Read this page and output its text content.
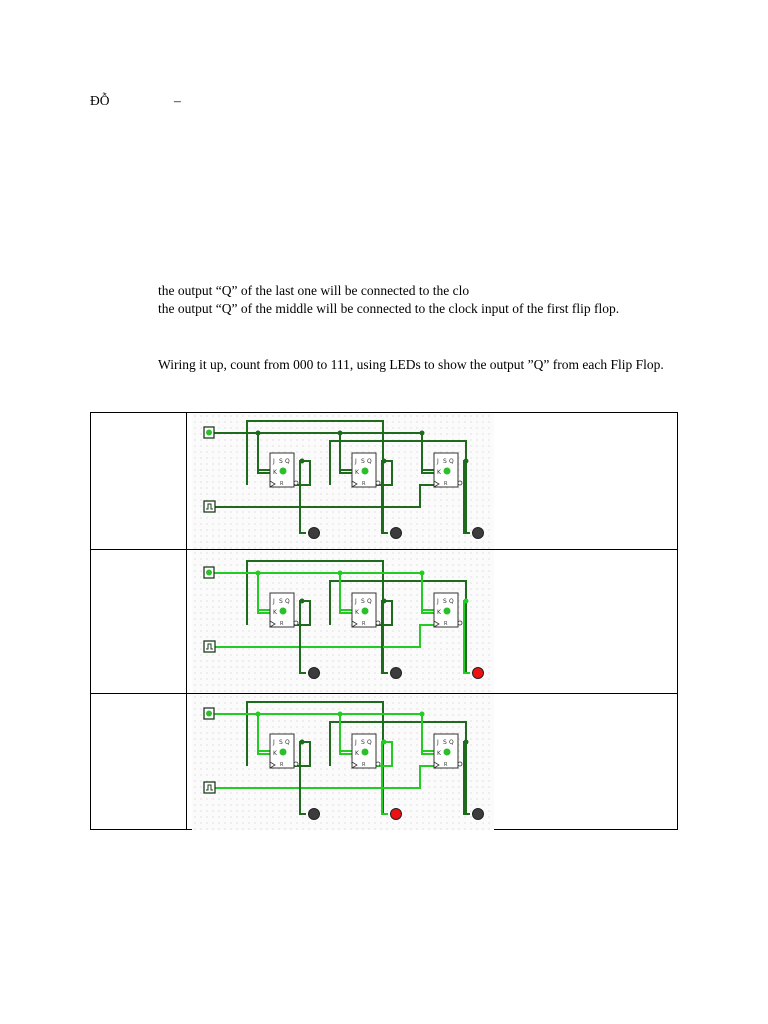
ĐỖ	–
the output “Q” of the last one will be connected to the clo
the output “Q” of the middle will be connected to the clock input of the first flip flop.
Wiring it up, count from 000 to 111, using LEDs to show the output ”Q” from each Flip Flop.
J S Q
K
R
J S Q
K
R
J S Q
K
R
J S Q
K
R
J S Q
K
R
J S Q
K
R
J S Q
K
R
J S Q
K
R
J S Q
K
R
